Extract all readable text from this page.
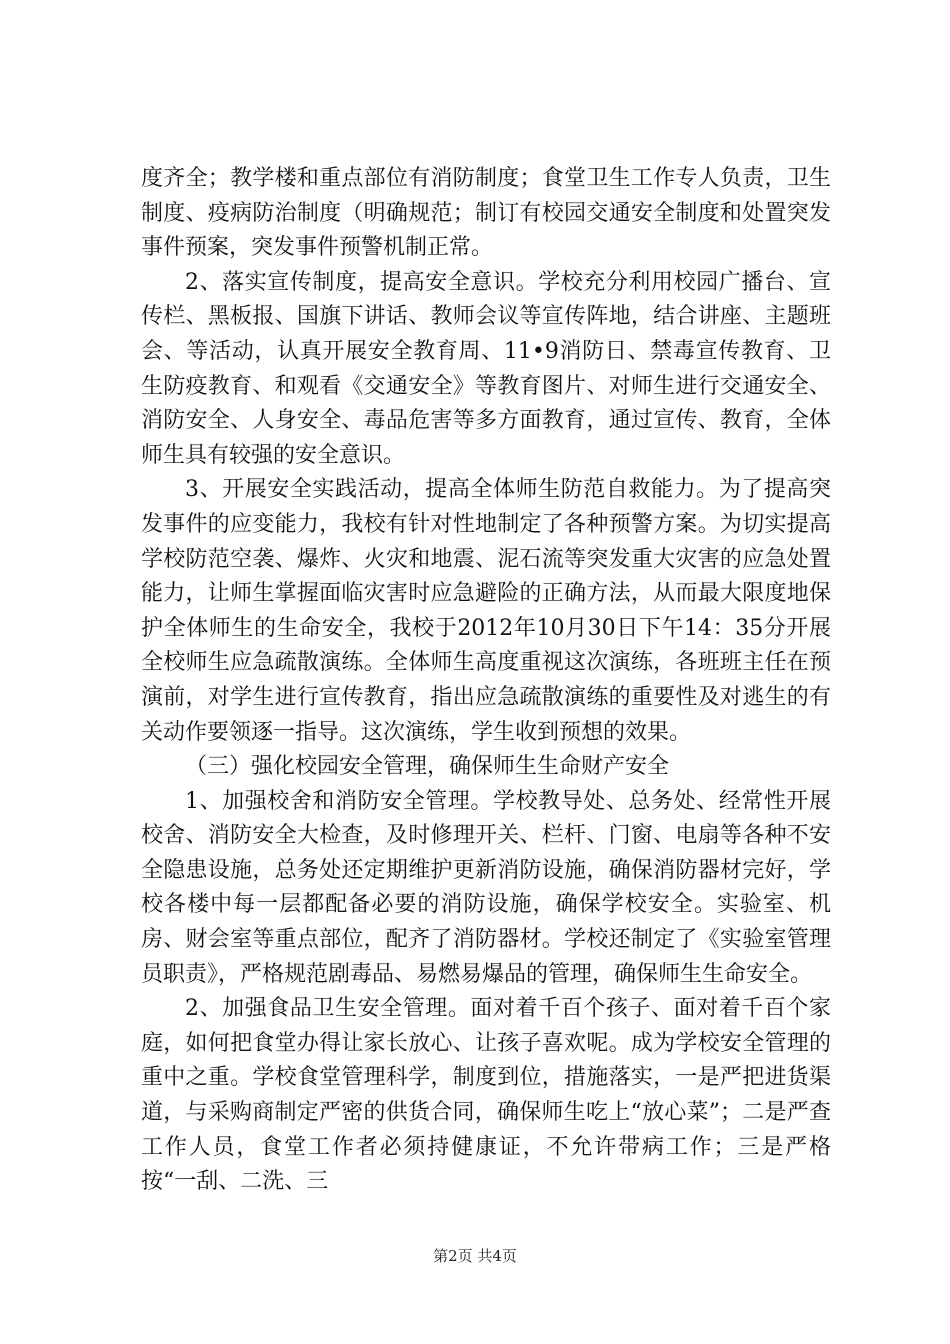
度齐全；教学楼和重点部位有消防制度；食堂卫生工作专人负责，卫生制度、疫病防治制度（明确规范；制订有校园交通安全制度和处置突发事件预案，突发事件预警机制正常。

2、落实宣传制度，提高安全意识。学校充分利用校园广播台、宣传栏、黑板报、国旗下讲话、教师会议等宣传阵地，结合讲座、主题班会、等活动，认真开展安全教育周、11•9消防日、禁毒宣传教育、卫生防疫教育、和观看《交通安全》等教育图片、对师生进行交通安全、消防安全、人身安全、毒品危害等多方面教育，通过宣传、教育，全体师生具有较强的安全意识。

3、开展安全实践活动，提高全体师生防范自救能力。为了提高突发事件的应变能力，我校有针对性地制定了各种预警方案。为切实提高学校防范空袭、爆炸、火灾和地震、泥石流等突发重大灾害的应急处置能力，让师生掌握面临灾害时应急避险的正确方法，从而最大限度地保护全体师生的生命安全，我校于2012年10月30日下午14：35分开展全校师生应急疏散演练。全体师生高度重视这次演练，各班班主任在预演前，对学生进行宣传教育，指出应急疏散演练的重要性及对逃生的有关动作要领逐一指导。这次演练，学生收到预想的效果。

（三）强化校园安全管理，确保师生生命财产安全

1、加强校舍和消防安全管理。学校教导处、总务处、经常性开展校舍、消防安全大检查，及时修理开关、栏杆、门窗、电扇等各种不安全隐患设施，总务处还定期维护更新消防设施，确保消防器材完好，学校各楼中每一层都配备必要的消防设施，确保学校安全。实验室、机房、财会室等重点部位，配齐了消防器材。学校还制定了《实验室管理员职责》，严格规范剧毒品、易燃易爆品的管理，确保师生生命安全。

2、加强食品卫生安全管理。面对着千百个孩子、面对着千百个家庭，如何把食堂办得让家长放心、让孩子喜欢呢。成为学校安全管理的重中之重。学校食堂管理科学，制度到位，措施落实，一是严把进货渠道，与采购商制定严密的供货合同，确保师生吃上“放心菜”；二是严查工作人员，食堂工作者必须持健康证，不允许带病工作；三是严格按“一刮、二洗、三

第2页 共4页
